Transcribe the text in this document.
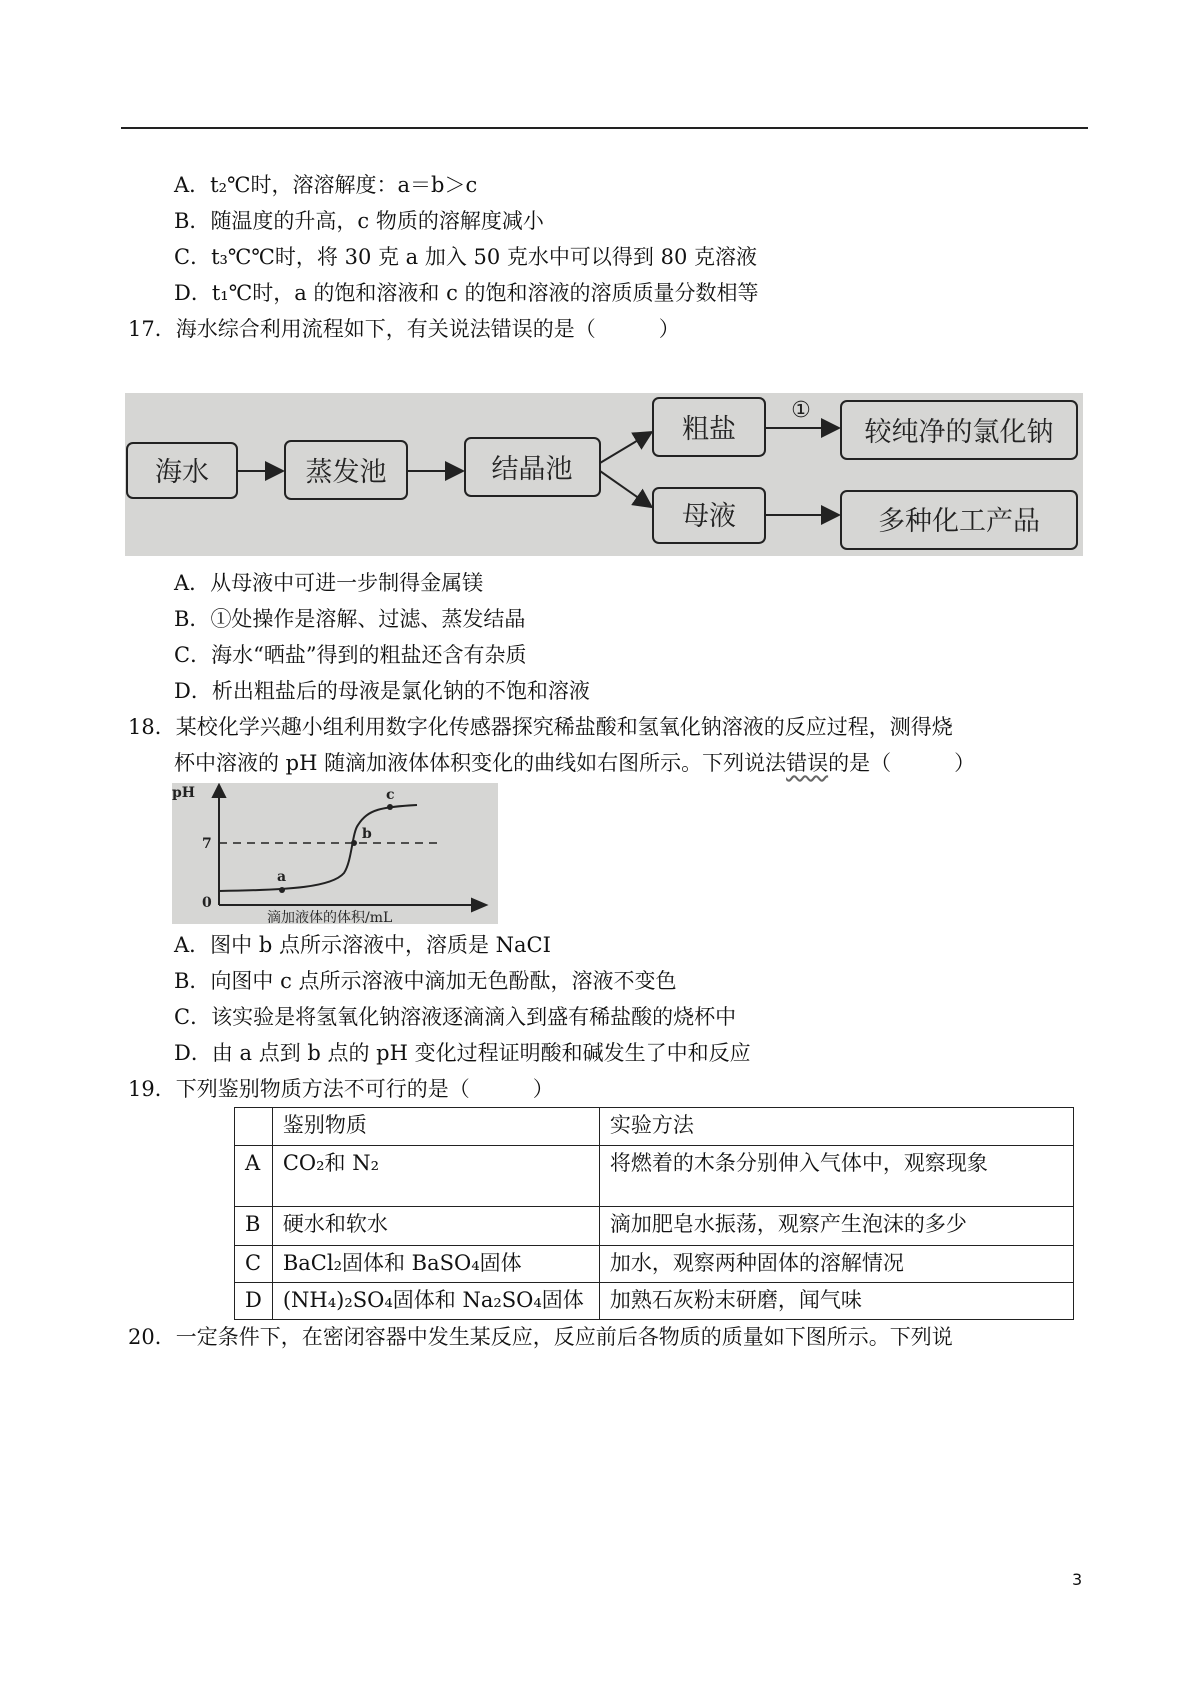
A．t₂℃时，溶溶解度：a＝b＞c
B．随温度的升高，c 物质的溶解度减小
C．t₃℃℃时，将 30 克 a 加入 50 克水中可以得到 80 克溶液
D．t₁℃时，a 的饱和溶液和 c 的饱和溶液的溶质质量分数相等
17．海水综合利用流程如下，有关说法错误的是（　　　）
海水	蒸发池	结晶池
粗盐
母液
较纯净的氯化钠
多种化工产品
①
A．从母液中可进一步制得金属镁
B．①处操作是溶解、过滤、蒸发结晶
C．海水“晒盐”得到的粗盐还含有杂质
D．析出粗盐后的母液是氯化钠的不饱和溶液
18．某校化学兴趣小组利用数字化传感器探究稀盐酸和氢氧化钠溶液的反应过程，测得烧
杯中溶液的 pH 随滴加液体体积变化的曲线如右图所示。下列说法错误的是（　　　）
pH
7
0
a
b
c
滴加液体的体积/mL
A．图中 b 点所示溶液中，溶质是 NaCI
B．向图中 c 点所示溶液中滴加无色酚酞，溶液不变色
C．该实验是将氢氧化钠溶液逐滴滴入到盛有稀盐酸的烧杯中
D．由 a 点到 b 点的 pH 变化过程证明酸和碱发生了中和反应
19．下列鉴别物质方法不可行的是（　　　）
	鉴别物质	实验方法
A	CO₂和 N₂	将燃着的木条分别伸入气体中，观察现象
B	硬水和软水	滴加肥皂水振荡，观察产生泡沫的多少
C	BaCl₂固体和 BaSO₄固体	加水，观察两种固体的溶解情况
D	(NH₄)₂SO₄固体和 Na₂SO₄固体	加熟石灰粉末研磨，闻气味
20．一定条件下，在密闭容器中发生某反应，反应前后各物质的质量如下图所示。下列说
3
